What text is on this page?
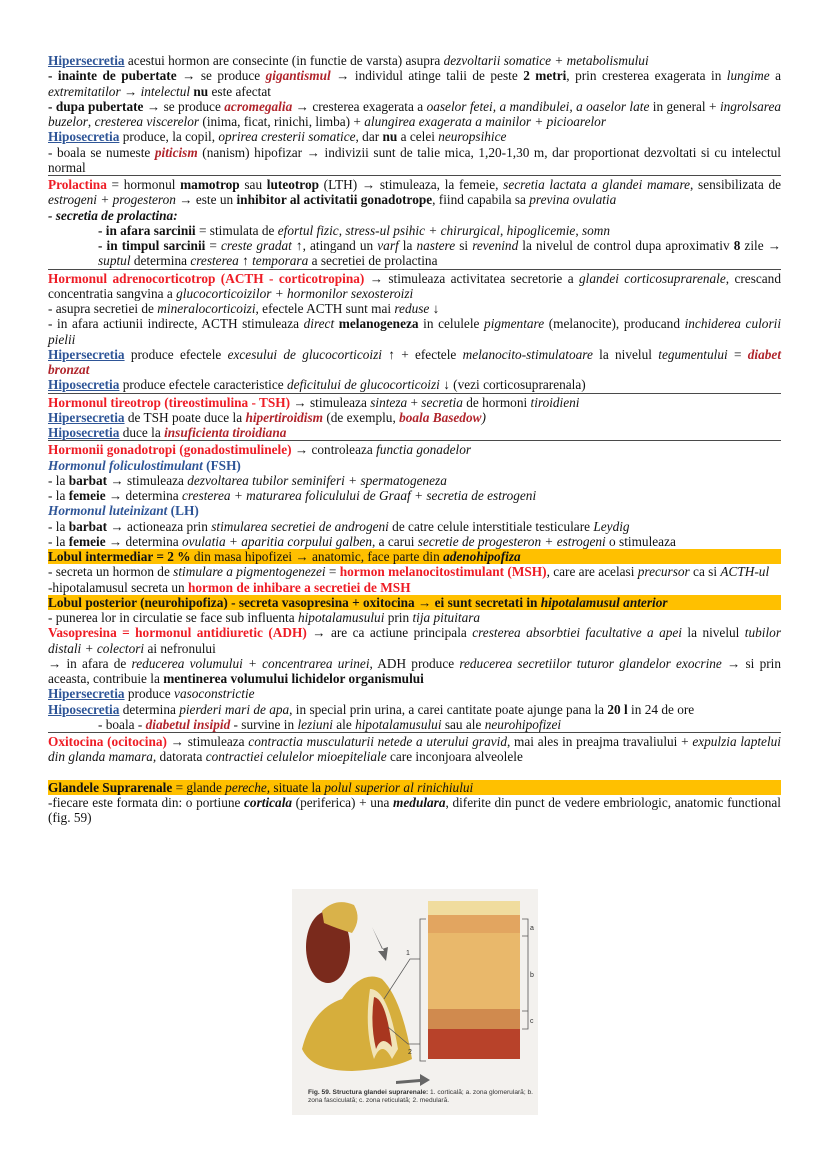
Hipersecretia acestui hormon are consecinte (in functie de varsta) asupra dezvoltarii somatice + metabolismului

- inainte de pubertate → se produce gigantismul → individul atinge talii de peste 2 metri, prin cresterea exagerata in lungime a extremitatilor → intelectul nu este afectat

- dupa pubertate → se produce acromegalia → cresterea exagerata a oaselor fetei, a mandibulei, a oaselor late in general + ingrolsarea buzelor, cresterea viscerelor (inima, ficat, rinichi, limba) + alungirea exagerata a mainilor + picioarelor

Hiposecretia produce, la copil, oprirea cresterii somatice, dar nu a celei neuropsihice

- boala se numeste piticism (nanism) hipofizar → indivizii sunt de talie mica, 1,20-1,30 m, dar proportionat dezvoltati si cu intelectul normal

Prolactina = hormonul mamotrop sau luteotrop (LTH) → stimuleaza, la femeie, secretia lactata a glandei mamare, sensibilizata de estrogeni + progesteron → este un inhibitor al activitatii gonadotrope, fiind capabila sa previna ovulatia

- secretia de prolactina:

- in afara sarcinii = stimulata de efortul fizic, stress-ul psihic + chirurgical, hipoglicemie, somn

- in timpul sarcinii = creste gradat ↑, atingand un varf la nastere si revenind la nivelul de control dupa aproximativ 8 zile → suptul determina cresterea ↑ temporara a secretiei de prolactina

Hormonul adrenocorticotrop (ACTH - corticotropina) → stimuleaza activitatea secretorie a glandei corticosuprarenale, crescand concentratia sangvina a glucocorticoizilor + hormonilor sexosteroizi

- asupra secretiei de mineralocorticoizi, efectele ACTH sunt mai reduse ↓

- in afara actiunii indirecte, ACTH stimuleaza direct melanogeneza in celulele pigmentare (melanocite), producand inchiderea culorii pielii

Hipersecretia produce efectele excesului de glucocorticoizi ↑ + efectele melanocito-stimulatoare la nivelul tegumentului = diabet bronzat

Hiposecretia produce efectele caracteristice deficitului de glucocorticoizi ↓ (vezi corticosuprarenala)

Hormonul tireotrop (tireostimulina - TSH) → stimuleaza sinteza + secretia de hormoni tiroidieni

Hipersecretia de TSH poate duce la hipertiroidism (de exemplu, boala Basedow)

Hiposecretia duce la insuficienta tiroidiana

Hormonii gonadotropi (gonadostimulinele) → controleaza functia gonadelor

Hormonul foliculostimulant (FSH)

- la barbat → stimuleaza dezvoltarea tubilor seminiferi + spermatogeneza

- la femeie → determina cresterea + maturarea foliculului de Graaf + secretia de estrogeni

Hormonul luteinizant (LH)

- la barbat → actioneaza prin stimularea secretiei de androgeni de catre celule interstitiale testiculare Leydig

- la femeie → determina ovulatia + aparitia corpului galben, a carui secretie de progesteron + estrogeni o stimuleaza

Lobul intermediar = 2 % din masa hipofizei → anatomic, face parte din adenohipofiza

- secreta un hormon de stimulare a pigmentogenezei = hormon melanocitostimulant (MSH), care are acelasi precursor ca si ACTH-ul

-hipotalamusul secreta un hormon de inhibare a secretiei de MSH

Lobul posterior (neurohipofiza) - secreta vasopresina + oxitocina → ei sunt secretati in hipotalamusul anterior

- punerea lor in circulatie se face sub influenta hipotalamusului prin tija pituitara

Vasopresina = hormonul antidiuretic (ADH) → are ca actiune principala cresterea absorbtiei facultative a apei la nivelul tubilor distali + colectori ai nefronului

→ in afara de reducerea volumului + concentrarea urinei, ADH produce reducerea secretiilor tuturor glandelor exocrine → si prin aceasta, contribuie la mentinerea volumului lichidelor organismului

Hipersecretia produce vasoconstrictie

Hiposecretia determina pierderi mari de apa, in special prin urina, a carei cantitate poate ajunge pana la 20 l in 24 de ore

- boala - diabetul insipid - survine in leziuni ale hipotalamusului sau ale neurohipofizei

Oxitocina (ocitocina) → stimuleaza contractia musculaturii netede a uterului gravid, mai ales in preajma travaliului + expulzia laptelui din glanda mamara, datorata contractiei celulelor mioepiteliale care inconjoara alveolele

Glandele Suprarenale = glande pereche, situate la polul superior al rinichiului

-fiecare este formata din: o portiune corticala (periferica) + una medulara, diferite din punct de vedere embriologic, anatomic functional (fig. 59)

1
2
a
b
c
Fig. 59. Structura glandei suprarenale: 1. corticală; a. zona glomerulară; b. zona fasciculată; c. zona reticulată; 2. medulară.
